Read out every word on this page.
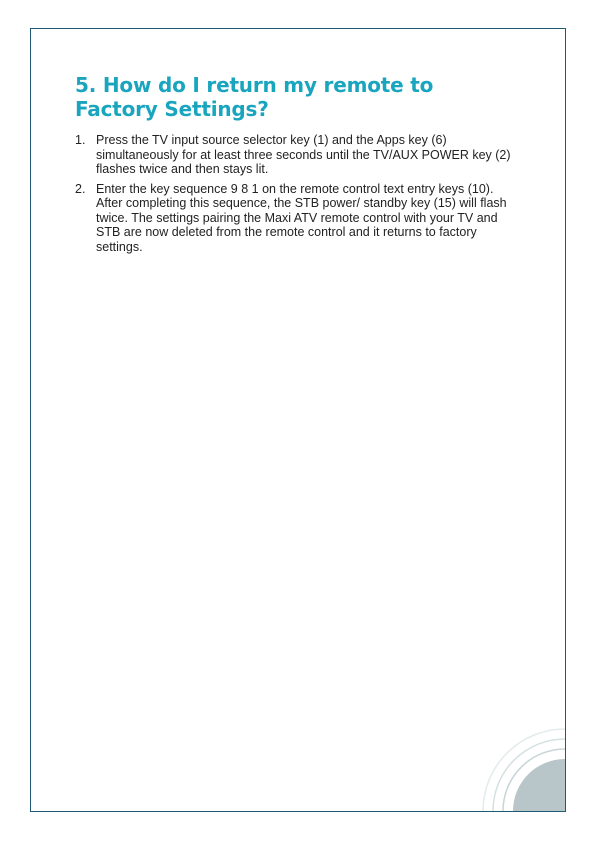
5. How do I return my remote to Factory Settings?
1. Press the TV input source selector key (1) and the Apps key (6) simultaneously for at least three seconds until the TV/AUX POWER key (2) flashes twice and then stays lit.
2. Enter the key sequence 9 8 1 on the remote control text entry keys (10). After completing this sequence, the STB power/ standby key (15) will flash twice. The settings pairing the Maxi ATV remote control with your TV and STB are now deleted from the remote control and it returns to factory settings.
